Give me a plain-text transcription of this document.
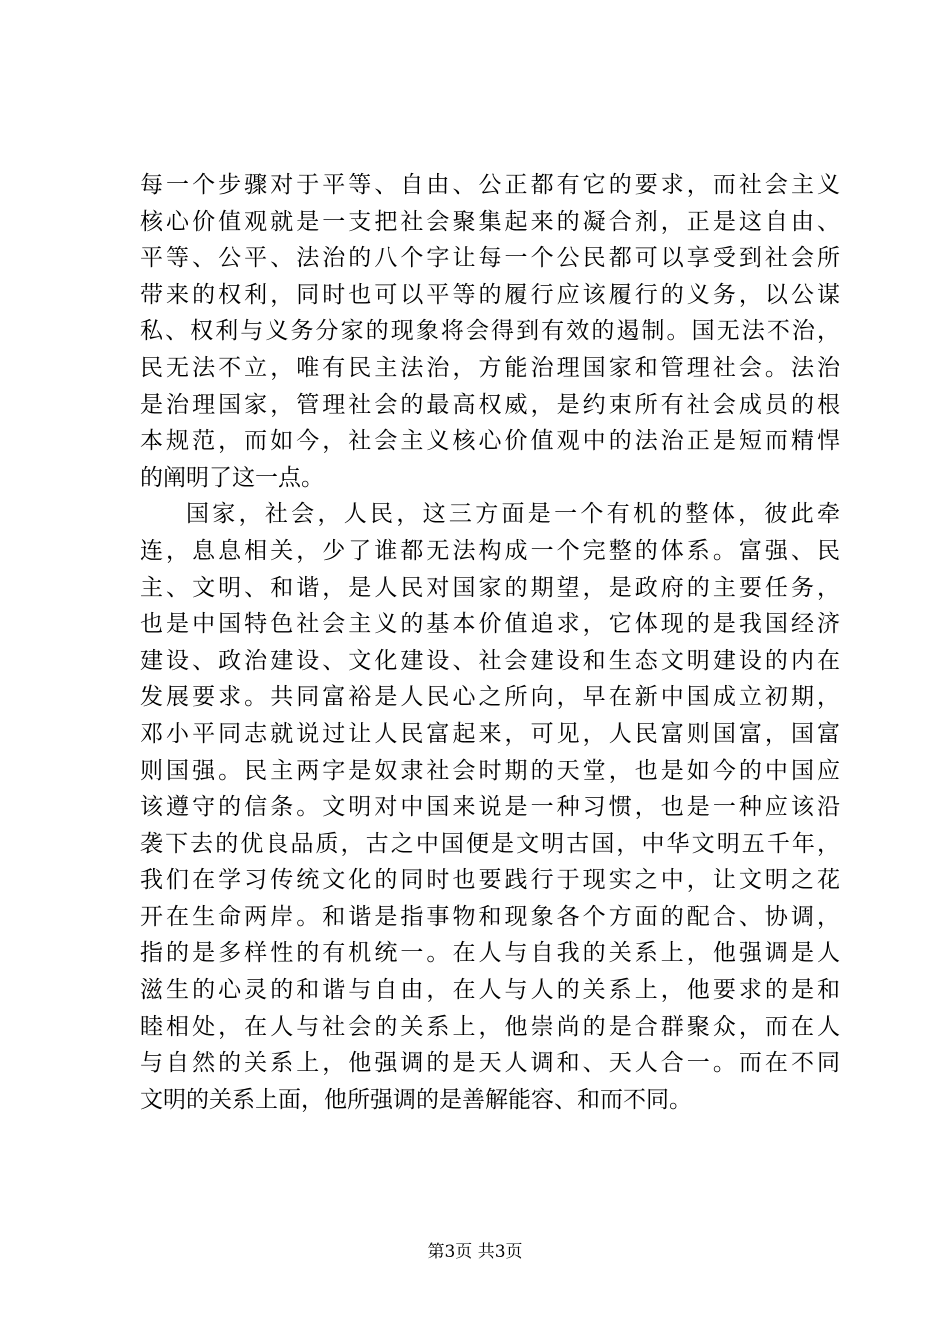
每一个步骤对于平等、自由、公正都有它的要求，而社会主义
核心价值观就是一支把社会聚集起来的凝合剂，正是这自由、
平等、公平、法治的八个字让每一个公民都可以享受到社会所
带来的权利，同时也可以平等的履行应该履行的义务，以公谋
私、权利与义务分家的现象将会得到有效的遏制。国无法不治，
民无法不立，唯有民主法治，方能治理国家和管理社会。法治
是治理国家，管理社会的最高权威，是约束所有社会成员的根
本规范，而如今，社会主义核心价值观中的法治正是短而精悍
的阐明了这一点。
国家，社会，人民，这三方面是一个有机的整体，彼此牵
连，息息相关，少了谁都无法构成一个完整的体系。富强、民
主、文明、和谐，是人民对国家的期望，是政府的主要任务，
也是中国特色社会主义的基本价值追求，它体现的是我国经济
建设、政治建设、文化建设、社会建设和生态文明建设的内在
发展要求。共同富裕是人民心之所向，早在新中国成立初期，
邓小平同志就说过让人民富起来，可见，人民富则国富，国富
则国强。民主两字是奴隶社会时期的天堂，也是如今的中国应
该遵守的信条。文明对中国来说是一种习惯，也是一种应该沿
袭下去的优良品质，古之中国便是文明古国，中华文明五千年，
我们在学习传统文化的同时也要践行于现实之中，让文明之花
开在生命两岸。和谐是指事物和现象各个方面的配合、协调，
指的是多样性的有机统一。在人与自我的关系上，他强调是人
滋生的心灵的和谐与自由，在人与人的关系上，他要求的是和
睦相处，在人与社会的关系上，他崇尚的是合群聚众，而在人
与自然的关系上，他强调的是天人调和、天人合一。而在不同
文明的关系上面，他所强调的是善解能容、和而不同。
第3页 共3页
